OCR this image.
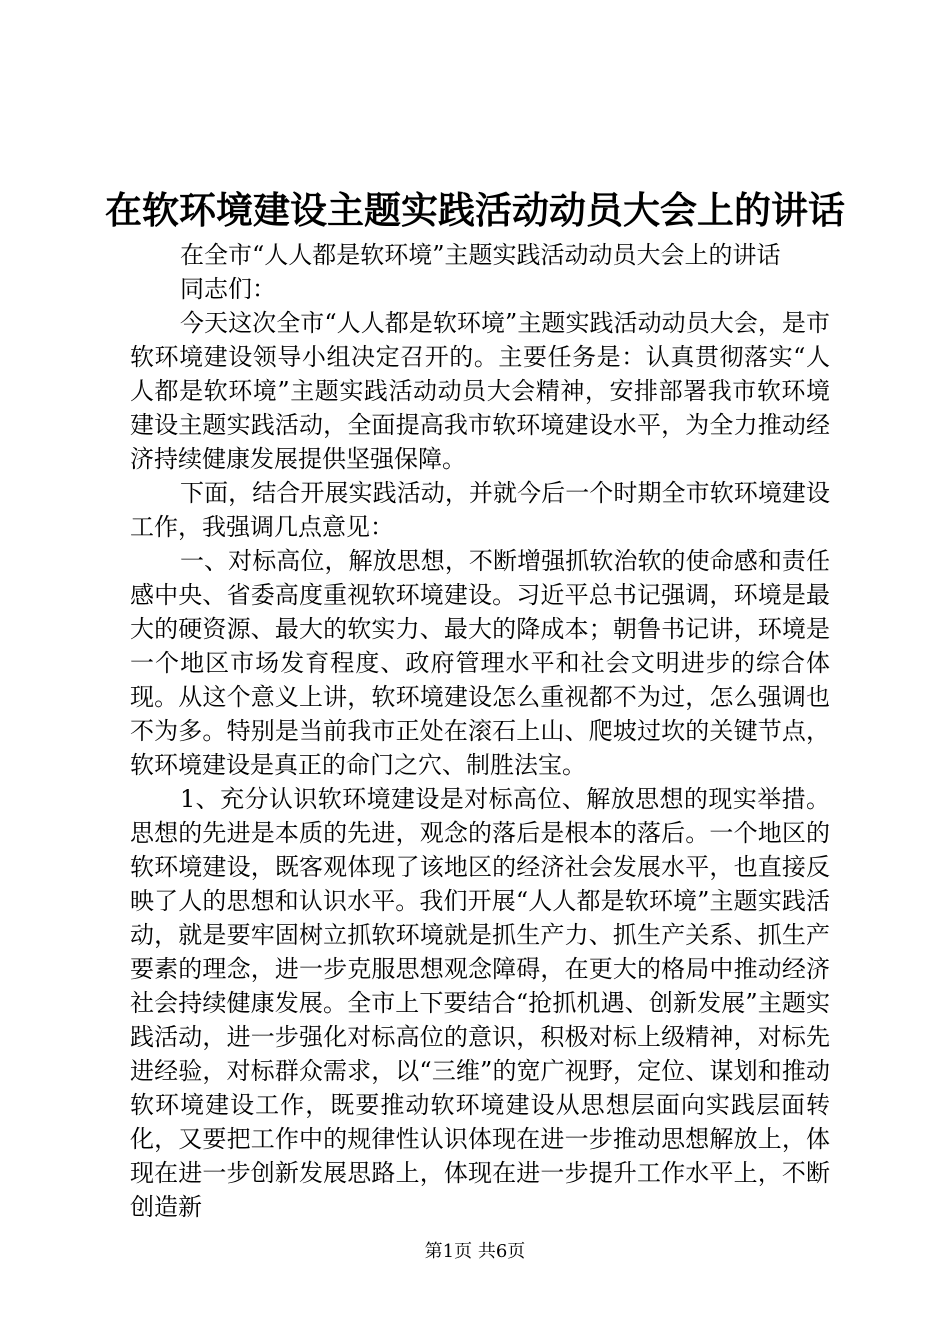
在软环境建设主题实践活动动员大会上的讲话

在全市“人人都是软环境”主题实践活动动员大会上的讲话

同志们：

今天这次全市“人人都是软环境”主题实践活动动员大会，是市软环境建设领导小组决定召开的。主要任务是：认真贯彻落实“人人都是软环境”主题实践活动动员大会精神，安排部署我市软环境建设主题实践活动，全面提高我市软环境建设水平，为全力推动经济持续健康发展提供坚强保障。

下面，结合开展实践活动，并就今后一个时期全市软环境建设工作，我强调几点意见：

一、对标高位，解放思想，不断增强抓软治软的使命感和责任感中央、省委高度重视软环境建设。习近平总书记强调，环境是最大的硬资源、最大的软实力、最大的降成本；朝鲁书记讲，环境是一个地区市场发育程度、政府管理水平和社会文明进步的综合体现。从这个意义上讲，软环境建设怎么重视都不为过，怎么强调也不为多。特别是当前我市正处在滚石上山、爬坡过坎的关键节点，软环境建设是真正的命门之穴、制胜法宝。

1、充分认识软环境建设是对标高位、解放思想的现实举措。思想的先进是本质的先进，观念的落后是根本的落后。一个地区的软环境建设，既客观体现了该地区的经济社会发展水平，也直接反映了人的思想和认识水平。我们开展“人人都是软环境”主题实践活动，就是要牢固树立抓软环境就是抓生产力、抓生产关系、抓生产要素的理念，进一步克服思想观念障碍，在更大的格局中推动经济社会持续健康发展。全市上下要结合“抢抓机遇、创新发展”主题实践活动，进一步强化对标高位的意识，积极对标上级精神，对标先进经验，对标群众需求，以“三维”的宽广视野，定位、谋划和推动软环境建设工作，既要推动软环境建设从思想层面向实践层面转化，又要把工作中的规律性认识体现在进一步推动思想解放上，体现在进一步创新发展思路上，体现在进一步提升工作水平上，不断创造新

第1页 共6页
